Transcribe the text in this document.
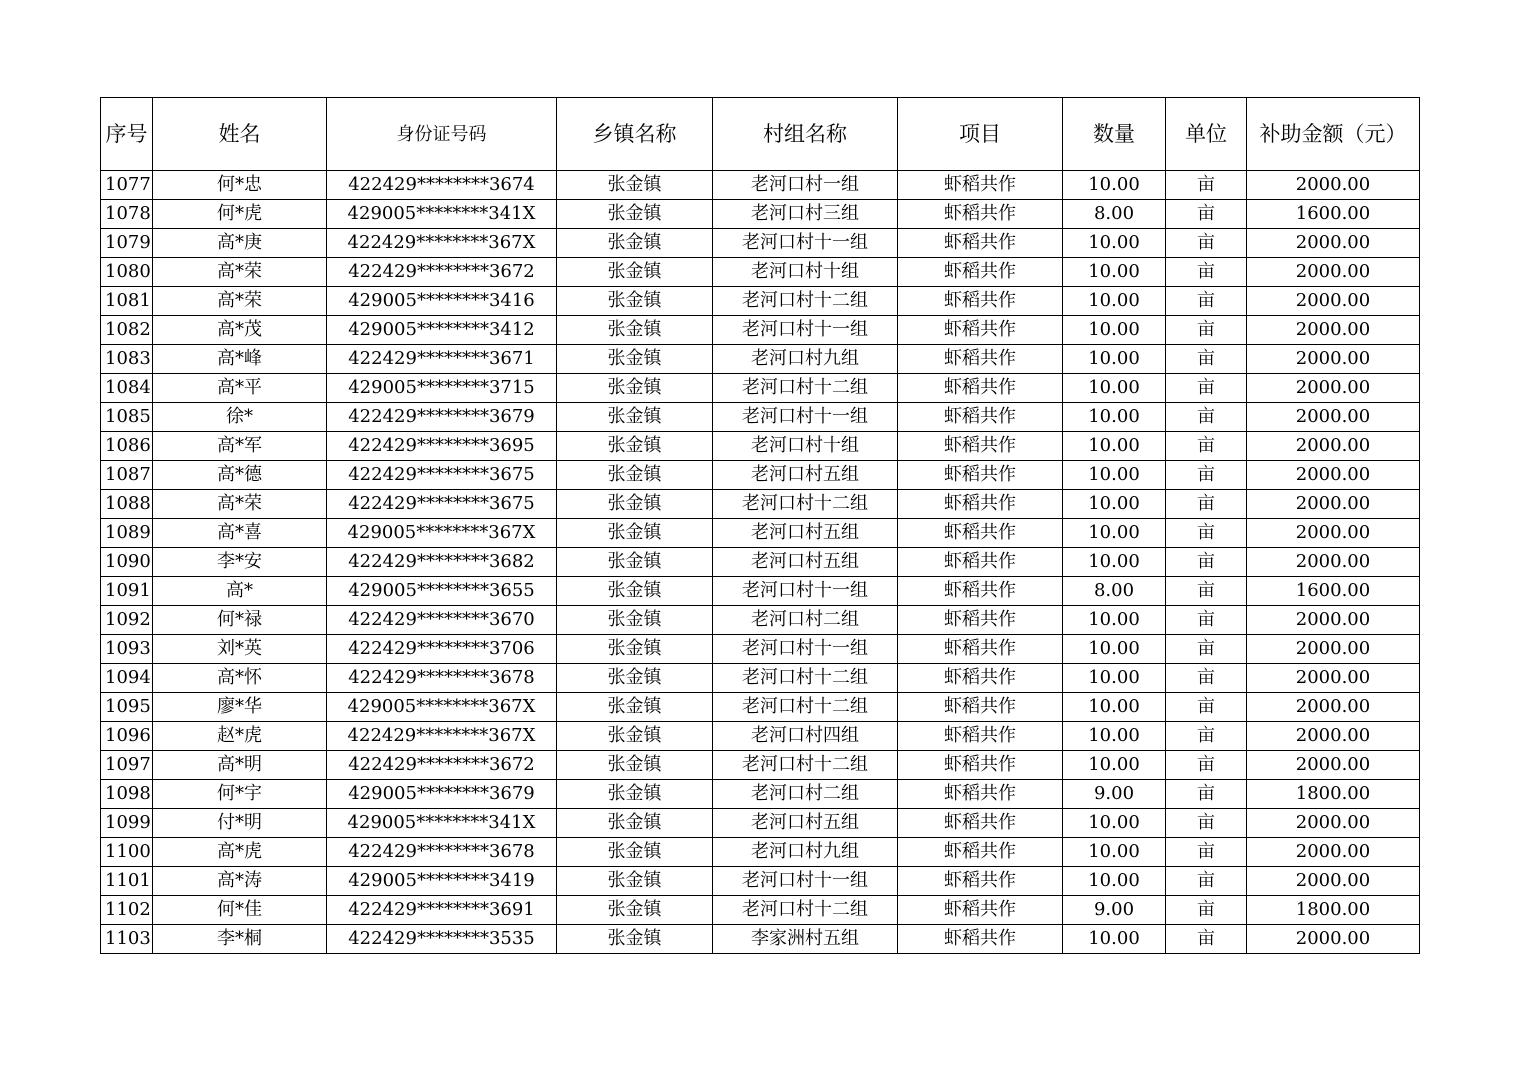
序号	姓名	身份证号码	乡镇名称	村组名称	项目	数量	单位	补助金额（元）
1077	何*忠	422429********3674	张金镇	老河口村一组	虾稻共作	10.00	亩	2000.00
1078	何*虎	429005********341X	张金镇	老河口村三组	虾稻共作	8.00	亩	1600.00
1079	高*庚	422429********367X	张金镇	老河口村十一组	虾稻共作	10.00	亩	2000.00
1080	高*荣	422429********3672	张金镇	老河口村十组	虾稻共作	10.00	亩	2000.00
1081	高*荣	429005********3416	张金镇	老河口村十二组	虾稻共作	10.00	亩	2000.00
1082	高*茂	429005********3412	张金镇	老河口村十一组	虾稻共作	10.00	亩	2000.00
1083	高*峰	422429********3671	张金镇	老河口村九组	虾稻共作	10.00	亩	2000.00
1084	高*平	429005********3715	张金镇	老河口村十二组	虾稻共作	10.00	亩	2000.00
1085	徐*	422429********3679	张金镇	老河口村十一组	虾稻共作	10.00	亩	2000.00
1086	高*军	422429********3695	张金镇	老河口村十组	虾稻共作	10.00	亩	2000.00
1087	高*德	422429********3675	张金镇	老河口村五组	虾稻共作	10.00	亩	2000.00
1088	高*荣	422429********3675	张金镇	老河口村十二组	虾稻共作	10.00	亩	2000.00
1089	高*喜	429005********367X	张金镇	老河口村五组	虾稻共作	10.00	亩	2000.00
1090	李*安	422429********3682	张金镇	老河口村五组	虾稻共作	10.00	亩	2000.00
1091	高*	429005********3655	张金镇	老河口村十一组	虾稻共作	8.00	亩	1600.00
1092	何*禄	422429********3670	张金镇	老河口村二组	虾稻共作	10.00	亩	2000.00
1093	刘*英	422429********3706	张金镇	老河口村十一组	虾稻共作	10.00	亩	2000.00
1094	高*怀	422429********3678	张金镇	老河口村十二组	虾稻共作	10.00	亩	2000.00
1095	廖*华	429005********367X	张金镇	老河口村十二组	虾稻共作	10.00	亩	2000.00
1096	赵*虎	422429********367X	张金镇	老河口村四组	虾稻共作	10.00	亩	2000.00
1097	高*明	422429********3672	张金镇	老河口村十二组	虾稻共作	10.00	亩	2000.00
1098	何*宇	429005********3679	张金镇	老河口村二组	虾稻共作	9.00	亩	1800.00
1099	付*明	429005********341X	张金镇	老河口村五组	虾稻共作	10.00	亩	2000.00
1100	高*虎	422429********3678	张金镇	老河口村九组	虾稻共作	10.00	亩	2000.00
1101	高*涛	429005********3419	张金镇	老河口村十一组	虾稻共作	10.00	亩	2000.00
1102	何*佳	422429********3691	张金镇	老河口村十二组	虾稻共作	9.00	亩	1800.00
1103	李*桐	422429********3535	张金镇	李家洲村五组	虾稻共作	10.00	亩	2000.00
